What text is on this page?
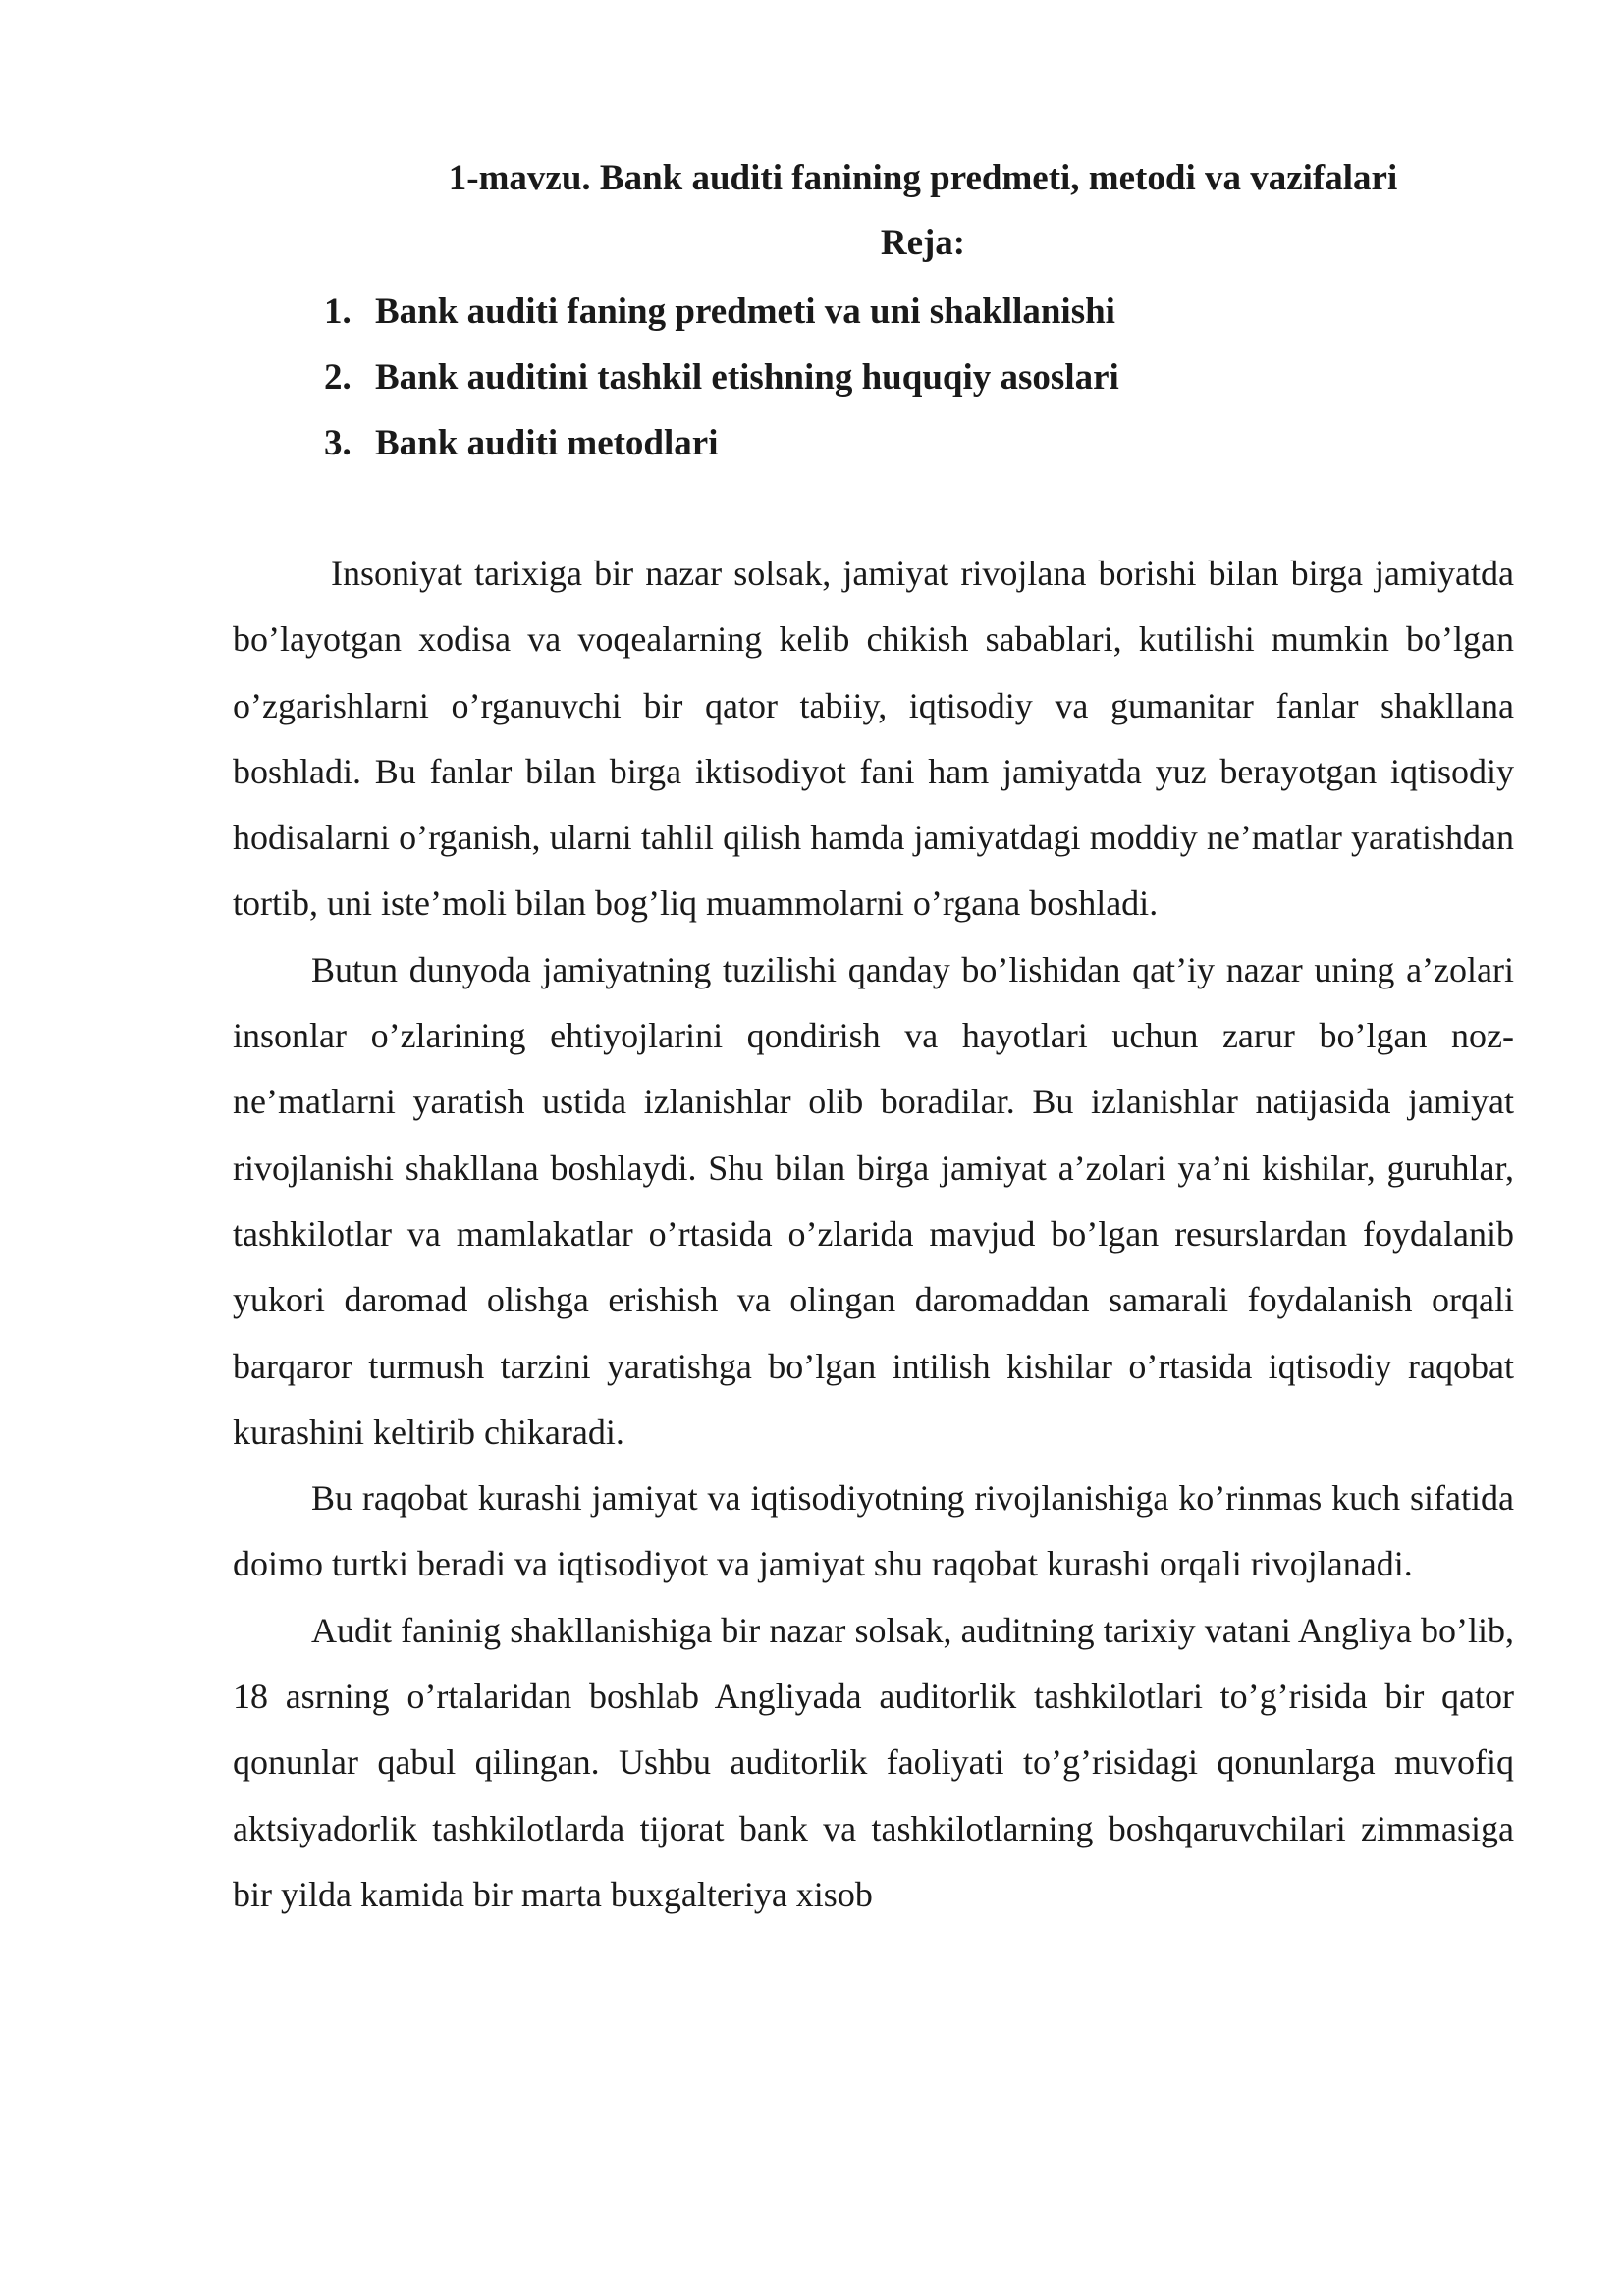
1-mavzu. Bank auditi fanining predmeti, metodi va vazifalari
Reja:
1. Bank auditi faning predmeti va uni shakllanishi
2. Bank auditini tashkil etishning huquqiy asoslari
3. Bank auditi metodlari

Insoniyat tarixiga bir nazar solsak, jamiyat rivojlana borishi bilan birga jamiyatda bo’layotgan xodisa va voqealarning kelib chikish sabablari, kutilishi mumkin bo’lgan o’zgarishlarni o’rganuvchi bir qator tabiiy, iqtisodiy va gumanitar fanlar shakllana boshladi. Bu fanlar bilan birga iktisodiyot fani ham jamiyatda yuz berayotgan iqtisodiy hodisalarni o’rganish, ularni tahlil qilish hamda jamiyatdagi moddiy ne’matlar yaratishdan tortib, uni iste’moli bilan bog’liq muammolarni o’rgana boshladi.

Butun dunyoda jamiyatning tuzilishi qanday bo’lishidan qat’iy nazar uning a’zolari insonlar o’zlarining ehtiyojlarini qondirish va hayotlari uchun zarur bo’lgan noz-ne’matlarni yaratish ustida izlanishlar olib boradilar. Bu izlanishlar natijasida jamiyat rivojlanishi shakllana boshlaydi. Shu bilan birga jamiyat a’zolari ya’ni kishilar, guruhlar, tashkilotlar va mamlakatlar o’rtasida o’zlarida mavjud bo’lgan resurslardan foydalanib yukori daromad olishga erishish va olingan daromaddan samarali foydalanish orqali barqaror turmush tarzini yaratishga bo’lgan intilish kishilar o’rtasida iqtisodiy raqobat kurashini keltirib chikaradi.

Bu raqobat kurashi jamiyat va iqtisodiyotning rivojlanishiga ko’rinmas kuch sifatida doimo turtki beradi va iqtisodiyot va jamiyat shu raqobat kurashi orqali rivojlanadi.

Audit faninig shakllanishiga bir nazar solsak, auditning tarixiy vatani Angliya bo’lib, 18 asrning o’rtalaridan boshlab Angliyada auditorlik tashkilotlari to’g’risida bir qator qonunlar qabul qilingan. Ushbu auditorlik faoliyati to’g’risidagi qonunlarga muvofiq aktsiyadorlik tashkilotlarda tijorat bank va tashkilotlarning boshqaruvchilari zimmasiga bir yilda kamida bir marta buxgalteriya xisob
